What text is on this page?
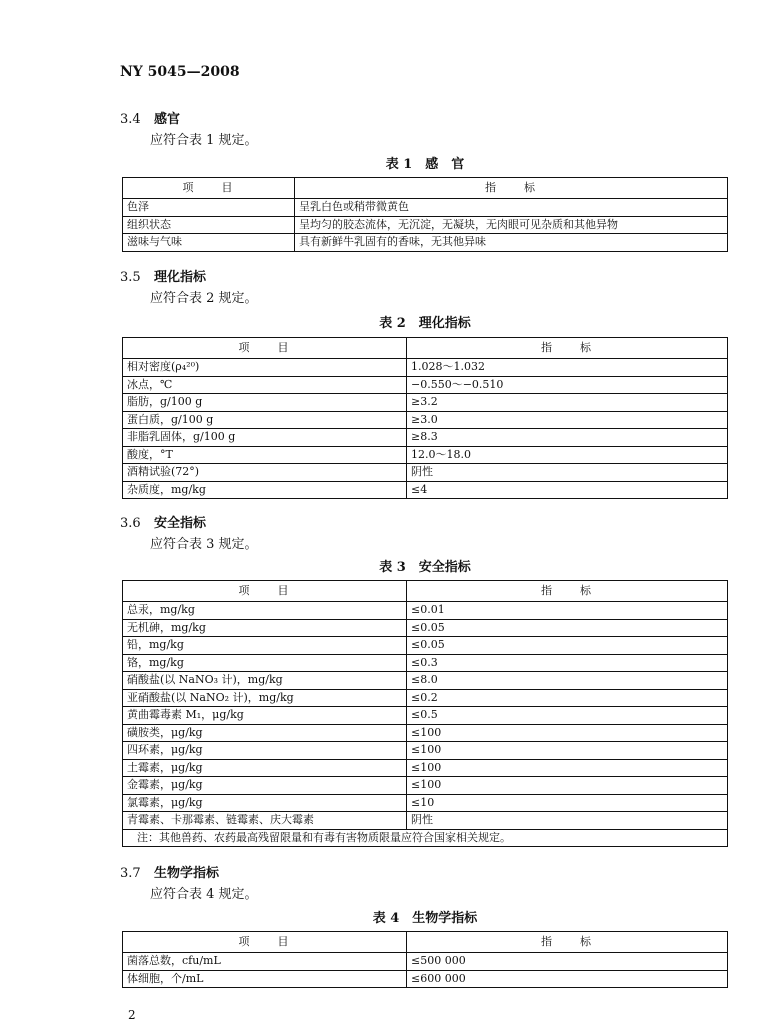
NY 5045—2008
3.4 感官
应符合表 1 规定。
表 1　感　官
项　　目	指　　标
色泽	呈乳白色或稍带微黄色
组织状态	呈均匀的胶态流体，无沉淀，无凝块，无肉眼可见杂质和其他异物
滋味与气味	具有新鲜牛乳固有的香味，无其他异味
3.5 理化指标
应符合表 2 规定。
表 2　理化指标
项　　目	指　　标
相对密度(ρ₄²⁰)	1.028～1.032
冰点，℃	−0.550～−0.510
脂肪，g/100 g	≥3.2
蛋白质，g/100 g	≥3.0
非脂乳固体，g/100 g	≥8.3
酸度，°T	12.0～18.0
酒精试验(72°)	阴性
杂质度，mg/kg	≤4
3.6 安全指标
应符合表 3 规定。
表 3　安全指标
项　　目	指　　标
总汞，mg/kg	≤0.01
无机砷，mg/kg	≤0.05
铅，mg/kg	≤0.05
铬，mg/kg	≤0.3
硝酸盐(以 NaNO₃ 计)，mg/kg	≤8.0
亚硝酸盐(以 NaNO₂ 计)，mg/kg	≤0.2
黄曲霉毒素 M₁，μg/kg	≤0.5
磺胺类，μg/kg	≤100
四环素，μg/kg	≤100
土霉素，μg/kg	≤100
金霉素，μg/kg	≤100
氯霉素，μg/kg	≤10
青霉素、卡那霉素、链霉素、庆大霉素	阴性
注：其他兽药、农药最高残留限量和有毒有害物质限量应符合国家相关规定。	
3.7 生物学指标
应符合表 4 规定。
表 4　生物学指标
项　　目	指　　标
菌落总数，cfu/mL	≤500 000
体细胞，个/mL	≤600 000
2
